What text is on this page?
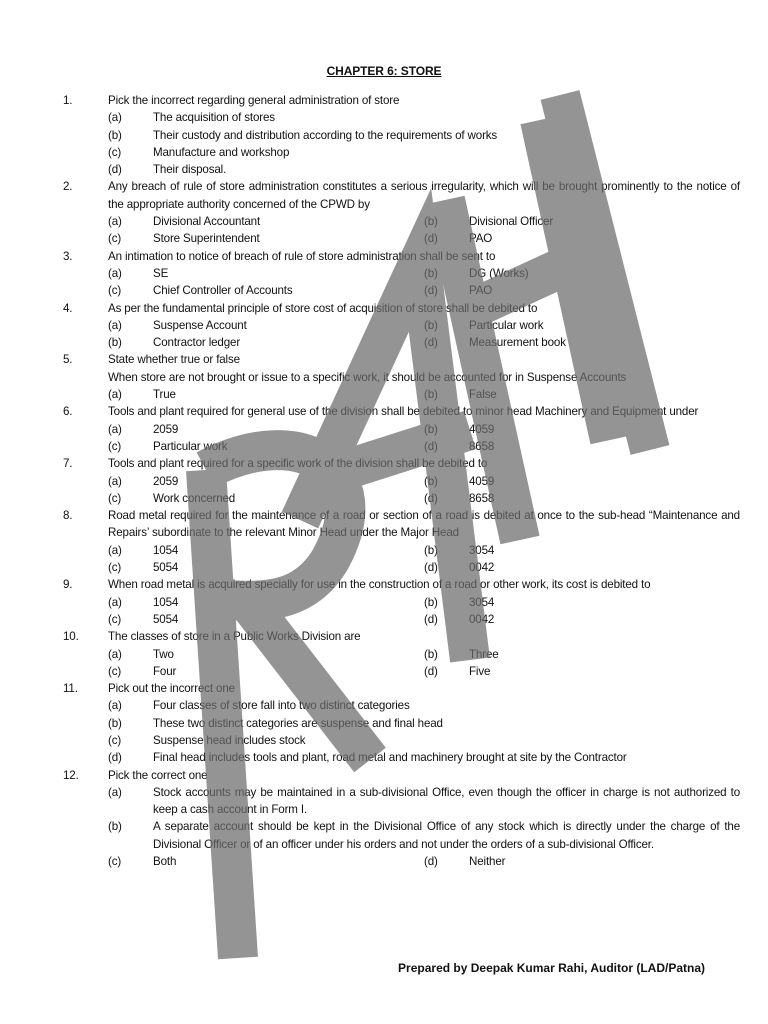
CHAPTER 6: STORE
1.	Pick the incorrect regarding general administration of store
(a)	The acquisition of stores
(b)	Their custody and distribution according to the requirements of works
(c)	Manufacture and workshop
(d)	Their disposal.
2.	Any breach of rule of store administration constitutes a serious irregularity, which will be brought prominently to the notice of the appropriate authority concerned of the CPWD by
(a)	Divisional Accountant	(b)	Divisional Officer
(c)	Store Superintendent	(d)	PAO
3.	An intimation to notice of breach of rule of store administration shall be sent to
(a)	SE	(b)	DG (Works)
(c)	Chief Controller of Accounts	(d)	PAO
4.	As per the fundamental principle of store cost of acquisition of store shall be debited to
(a)	Suspense Account	(b)	Particular work
(b)	Contractor ledger	(d)	Measurement book
5.	State whether true or false
When store are not brought or issue to a specific work, it should be accounted for in Suspense Accounts
(a)	True	(b)	False
6.	Tools and plant required for general use of the division shall be debited to minor head Machinery and Equipment under
(a)	2059	(b)	4059
(c)	Particular work	(d)	8658
7.	Tools and plant required for a specific work of the division shall be debited to
(a)	2059	(b)	4059
(c)	Work concerned	(d)	8658
8.	Road metal required for the maintenance of a road or section of a road is debited at once to the sub-head “Maintenance and Repairs’ subordinate to the relevant Minor Head under the Major Head
(a)	1054	(b)	3054
(c)	5054	(d)	0042
9.	When road metal is acquired specially for use in the construction of a road or other work, its cost is debited to
(a)	1054	(b)	3054
(c)	5054	(d)	0042
10.	The classes of store in a Public Works Division are
(a)	Two	(b)	Three
(c)	Four	(d)	Five
11.	Pick out the incorrect one
(a)	Four classes of store fall into two distinct categories
(b)	These two distinct categories are suspense and final head
(c)	Suspense head includes stock
(d)	Final head includes tools and plant, road metal and machinery brought at site by the Contractor
12.	Pick the correct one
(a)	Stock accounts may be maintained in a sub-divisional Office, even though the officer in charge is not authorized to keep a cash account in Form I.
(b)	A separate account should be kept in the Divisional Office of any stock which is directly under the charge of the Divisional Officer or of an officer under his orders and not under the orders of a sub-divisional Officer.
(c)	Both	(d)	Neither
Prepared by Deepak Kumar Rahi, Auditor (LAD/Patna)
